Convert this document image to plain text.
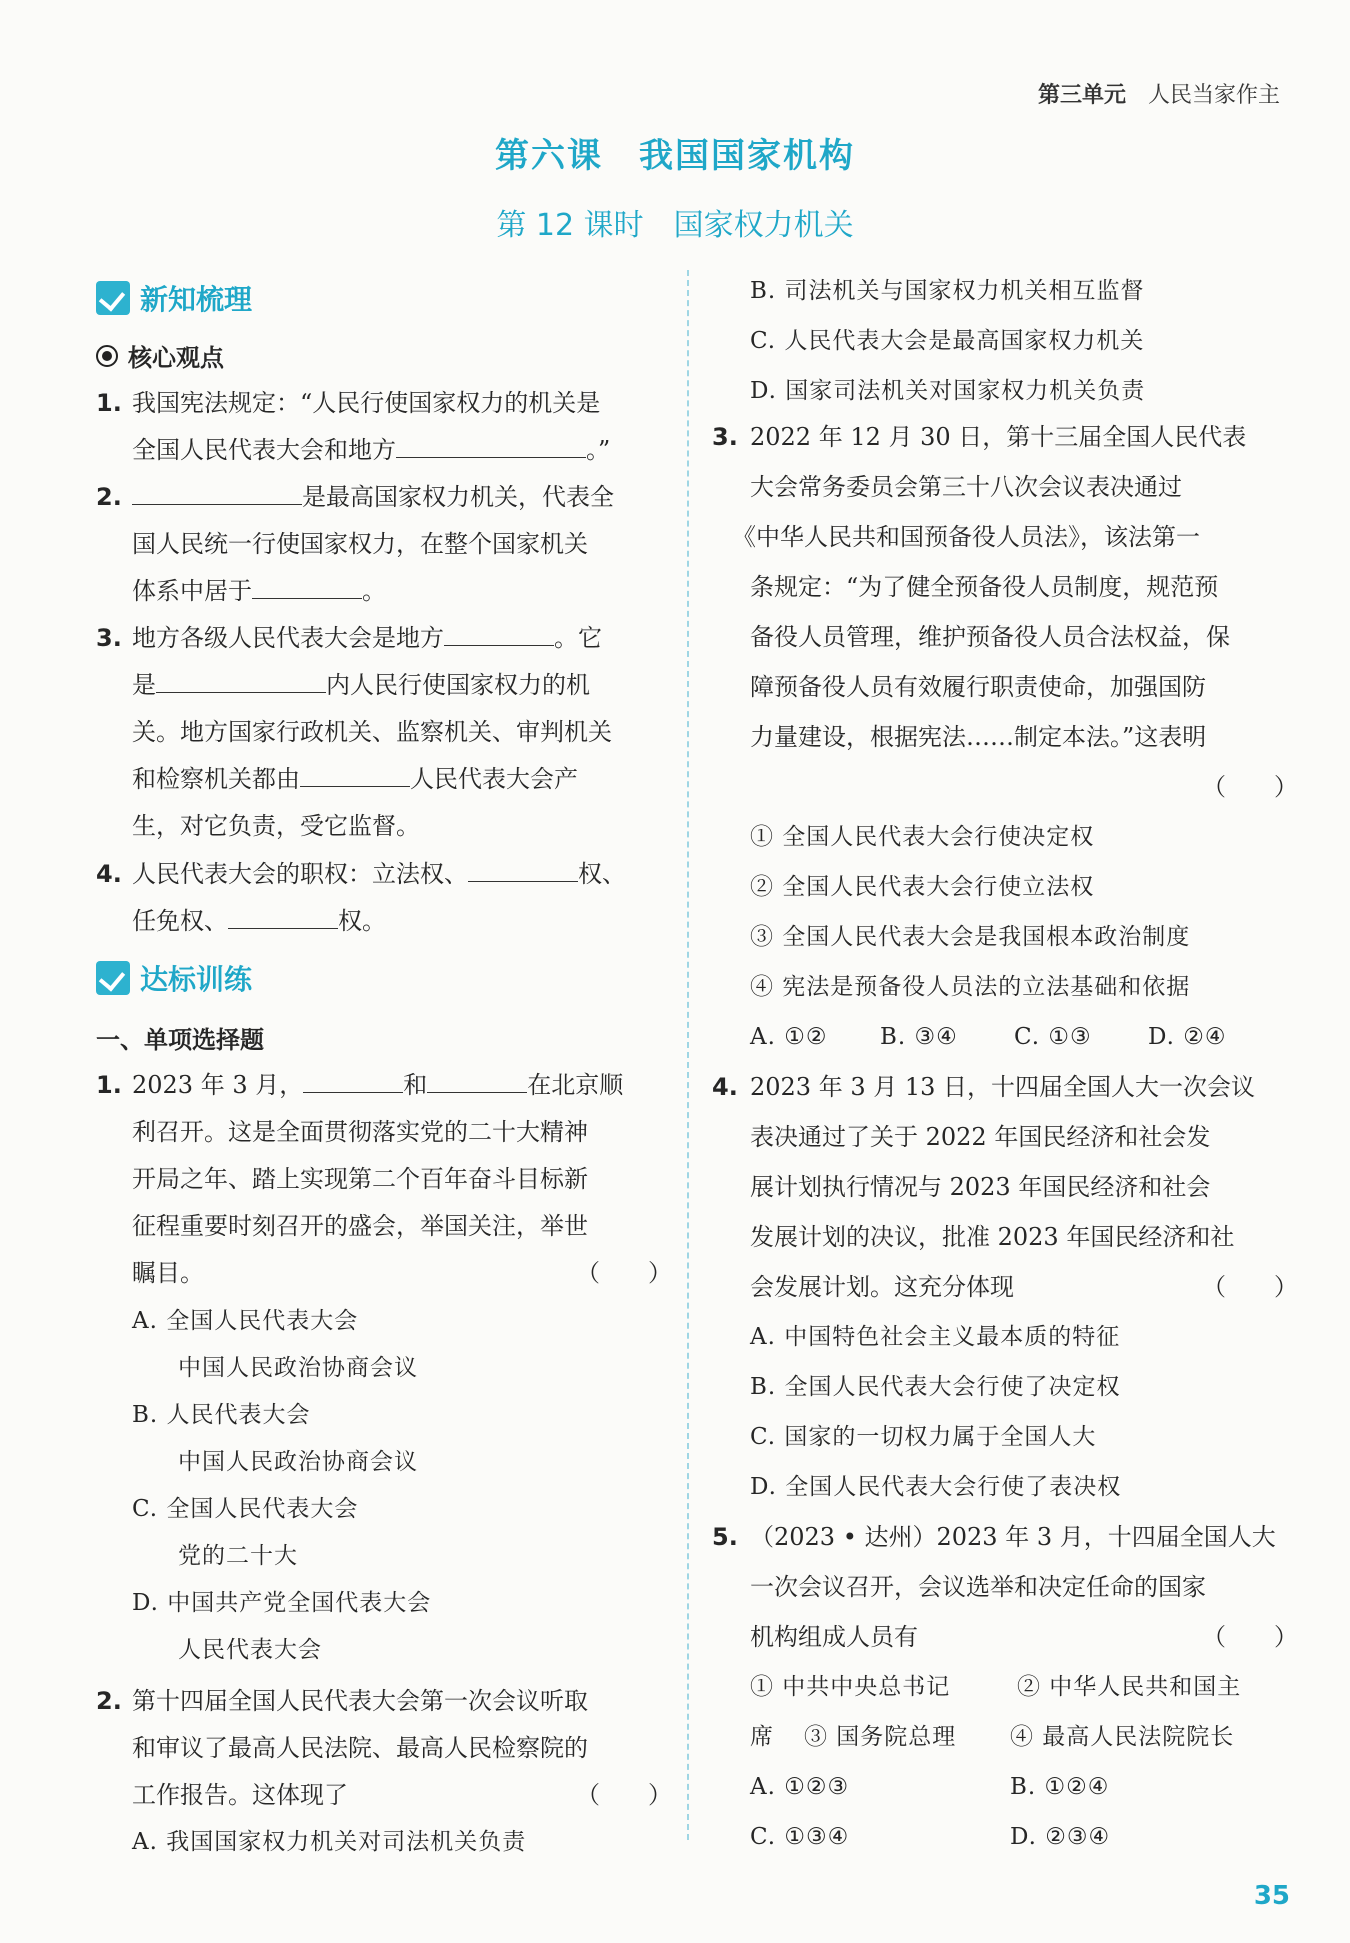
第三单元 人民当家作主
第六课　我国国家机构
第 12 课时　国家权力机关
新知梳理
核心观点
1. 我国宪法规定：“人民行使国家权力的机关是
全国人民代表大会和地方	。”
2.	是最高国家权力机关，代表全
国人民统一行使国家权力，在整个国家机关
体系中居于	。
3. 地方各级人民代表大会是地方	。它
是	内人民行使国家权力的机
关。地方国家行政机关、监察机关、审判机关
和检察机关都由	人民代表大会产
生，对它负责，受它监督。
4. 人民代表大会的职权：立法权、	权、
任免权、	权。
达标训练
一、单项选择题
1. 2023 年 3 月，	和	在北京顺
利召开。这是全面贯彻落实党的二十大精神
开局之年、踏上实现第二个百年奋斗目标新
征程重要时刻召开的盛会，举国关注，举世
瞩目。	（　　）
A. 全国人民代表大会
中国人民政治协商会议
B. 人民代表大会
中国人民政治协商会议
C. 全国人民代表大会
党的二十大
D. 中国共产党全国代表大会
人民代表大会
2. 第十四届全国人民代表大会第一次会议听取
和审议了最高人民法院、最高人民检察院的
工作报告。这体现了	（　　）
A. 我国国家权力机关对司法机关负责
B. 司法机关与国家权力机关相互监督
C. 人民代表大会是最高国家权力机关
D. 国家司法机关对国家权力机关负责
3. 2022 年 12 月 30 日，第十三届全国人民代表
大会常务委员会第三十八次会议表决通过
《中华人民共和国预备役人员法》，该法第一
条规定：“为了健全预备役人员制度，规范预
备役人员管理，维护预备役人员合法权益，保
障预备役人员有效履行职责使命，加强国防
力量建设，根据宪法……制定本法。”这表明
（　　）
① 全国人民代表大会行使决定权
② 全国人民代表大会行使立法权
③ 全国人民代表大会是我国根本政治制度
④ 宪法是预备役人员法的立法基础和依据
A. ①② B. ③④ C. ①③ D. ②④
4. 2023 年 3 月 13 日，十四届全国人大一次会议
表决通过了关于 2022 年国民经济和社会发
展计划执行情况与 2023 年国民经济和社会
发展计划的决议，批准 2023 年国民经济和社
会发展计划。这充分体现	（　　）
A. 中国特色社会主义最本质的特征
B. 全国人民代表大会行使了决定权
C. 国家的一切权力属于全国人大
D. 全国人民代表大会行使了表决权
5. （2023 • 达州）2023 年 3 月，十四届全国人大
一次会议召开，会议选举和决定任命的国家
机构组成人员有	（　　）
① 中共中央总书记	② 中华人民共和国主
席 ③ 国务院总理 ④ 最高人民法院院长
A. ①②③	B. ①②④
C. ①③④	D. ②③④
35
